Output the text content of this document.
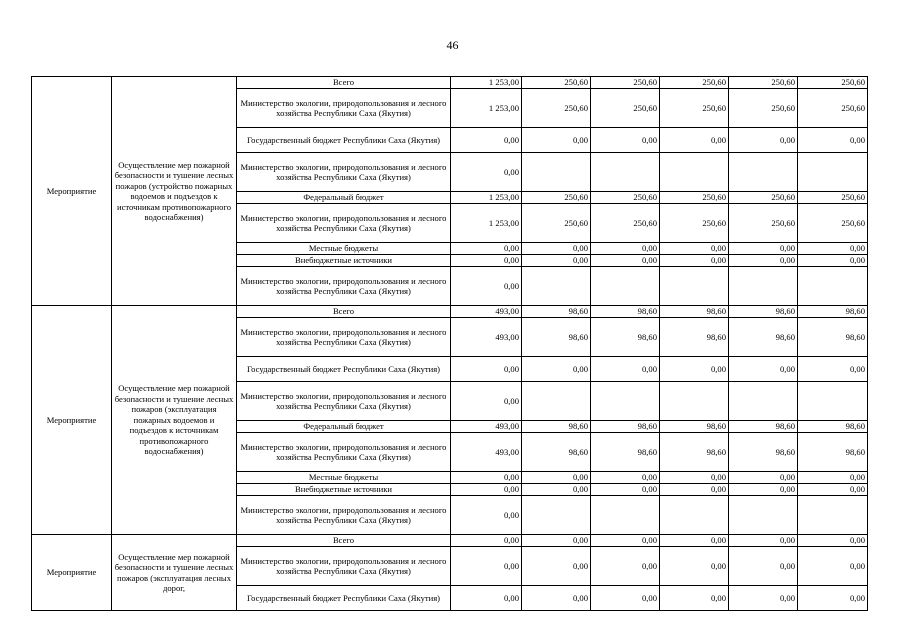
46
Мероприятие	Осуществление мер пожарной безопасности и тушение лесных пожаров (устройство пожарных водоемов и подъездов к источникам противопожарного водоснабжения)	Всего	1 253,00	250,60	250,60	250,60	250,60	250,60
		Министерство экологии, природопользования и лесного хозяйства Республики Саха (Якутия)	1 253,00	250,60	250,60	250,60	250,60	250,60
		Государственный бюджет Республики Саха (Якутия)	0,00	0,00	0,00	0,00	0,00	0,00
		Министерство экологии, природопользования и лесного хозяйства Республики Саха (Якутия)	0,00					
		Федеральный бюджет	1 253,00	250,60	250,60	250,60	250,60	250,60
		Министерство экологии, природопользования и лесного хозяйства Республики Саха (Якутия)	1 253,00	250,60	250,60	250,60	250,60	250,60
		Местные бюджеты	0,00	0,00	0,00	0,00	0,00	0,00
		Внебюджетные источники	0,00	0,00	0,00	0,00	0,00	0,00
		Министерство экологии, природопользования и лесного хозяйства Республики Саха (Якутия)	0,00					
Мероприятие	Осуществление мер пожарной безопасности и тушение лесных пожаров (эксплуатация пожарных водоемов и подъездов к источникам противопожарного водоснабжения)	Всего	493,00	98,60	98,60	98,60	98,60	98,60
		Министерство экологии, природопользования и лесного хозяйства Республики Саха (Якутия)	493,00	98,60	98,60	98,60	98,60	98,60
		Государственный бюджет Республики Саха (Якутия)	0,00	0,00	0,00	0,00	0,00	0,00
		Министерство экологии, природопользования и лесного хозяйства Республики Саха (Якутия)	0,00					
		Федеральный бюджет	493,00	98,60	98,60	98,60	98,60	98,60
		Министерство экологии, природопользования и лесного хозяйства Республики Саха (Якутия)	493,00	98,60	98,60	98,60	98,60	98,60
		Местные бюджеты	0,00	0,00	0,00	0,00	0,00	0,00
		Внебюджетные источники	0,00	0,00	0,00	0,00	0,00	0,00
		Министерство экологии, природопользования и лесного хозяйства Республики Саха (Якутия)	0,00					
Мероприятие	Осуществление мер пожарной безопасности и тушение лесных пожаров (эксплуатация лесных дорог,	Всего	0,00	0,00	0,00	0,00	0,00	0,00
		Министерство экологии, природопользования и лесного хозяйства Республики Саха (Якутия)	0,00	0,00	0,00	0,00	0,00	0,00
		Государственный бюджет Республики Саха (Якутия)	0,00	0,00	0,00	0,00	0,00	0,00
